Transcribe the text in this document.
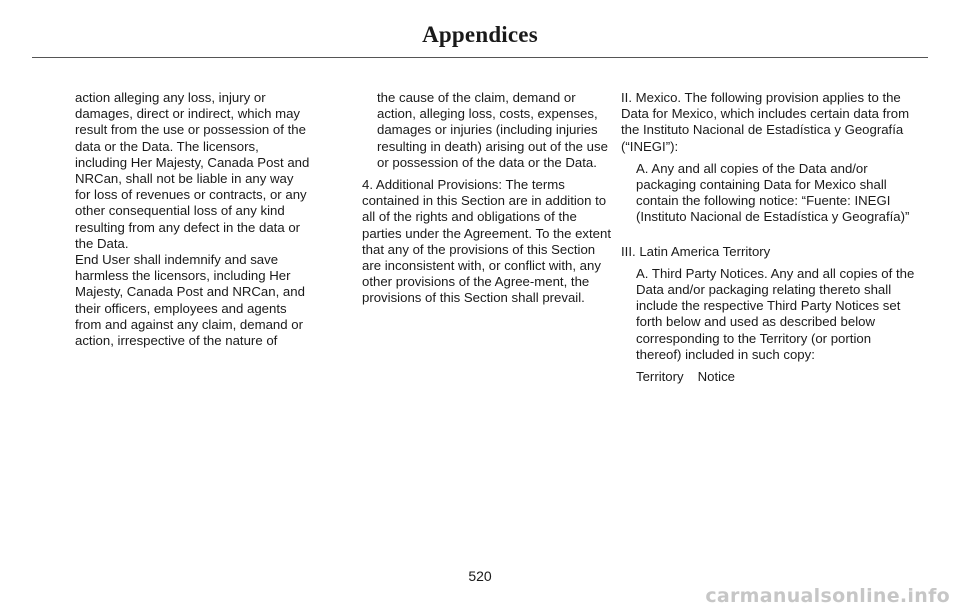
Appendices

action alleging any loss, injury or damages, direct or indirect, which may result from the use or possession of the data or the Data. The licensors, including Her Majesty, Canada Post and NRCan, shall not be liable in any way for loss of revenues or contracts, or any other consequential loss of any kind resulting from any defect in the data or the Data.

End User shall indemnify and save harmless the licensors, including Her Majesty, Canada Post and NRCan, and their officers, employees and agents from and against any claim, demand or action, irrespective of the nature of

the cause of the claim, demand or action, alleging loss, costs, expenses, damages or injuries (including injuries resulting in death) arising out of the use or possession of the data or the Data.

4. Additional Provisions: The terms contained in this Section are in addition to all of the rights and obligations of the parties under the Agreement. To the extent that any of the provisions of this Section are inconsistent with, or conflict with, any other provisions of the Agree-ment, the provisions of this Section shall prevail.

II. Mexico. The following provision applies to the Data for Mexico, which includes certain data from the Instituto Nacional de Estadística y Geografía (“INEGI”):

A. Any and all copies of the Data and/or packaging containing Data for Mexico shall contain the following notice: “Fuente: INEGI (Instituto Nacional de Estadística y Geografía)”

III. Latin America Territory

A. Third Party Notices. Any and all copies of the Data and/or packaging relating thereto shall include the respective Third Party Notices set forth below and used as described below corresponding to the Territory (or portion thereof) included in such copy:

Territory Notice
520
carmanualsonline.info
